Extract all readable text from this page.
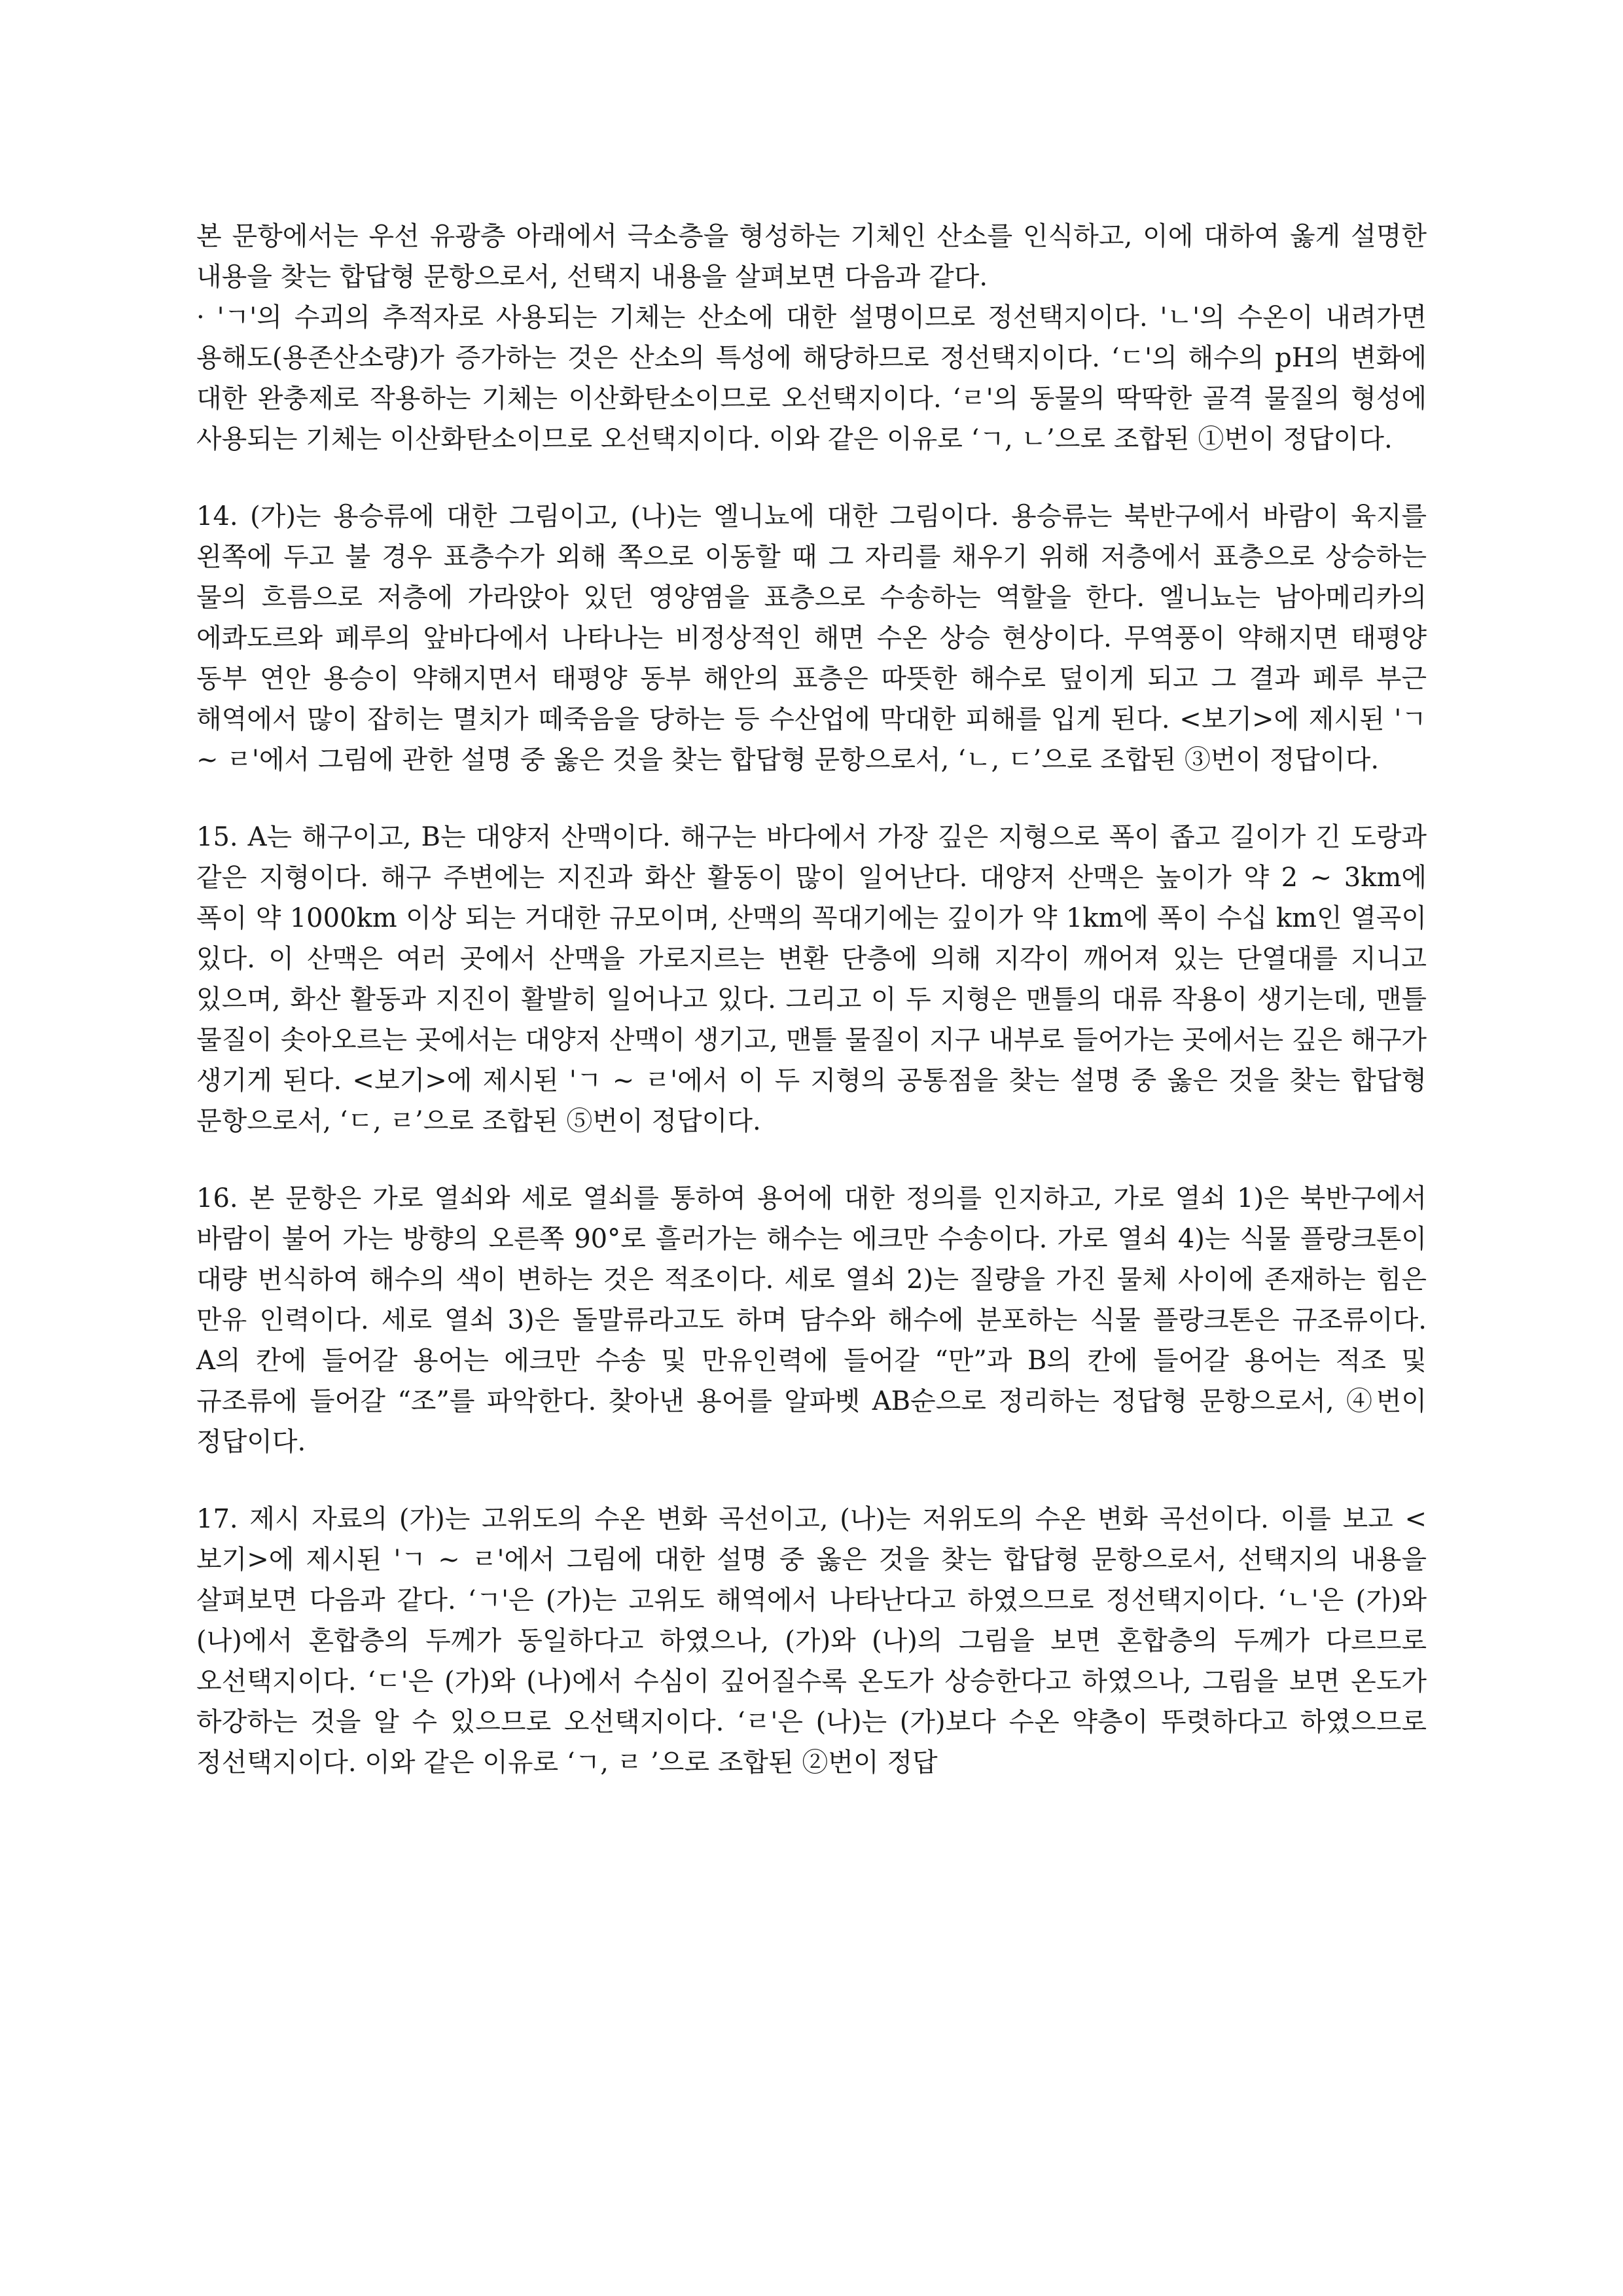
본 문항에서는 우선 유광층 아래에서 극소층을 형성하는 기체인 산소를 인식하고, 이에 대하여 옳게 설명한 내용을 찾는 합답형 문항으로서, 선택지 내용을 살펴보면 다음과 같다.

· 'ㄱ'의 수괴의 추적자로 사용되는 기체는 산소에 대한 설명이므로 정선택지이다. 'ㄴ'의 수온이 내려가면 용해도(용존산소량)가 증가하는 것은 산소의 특성에 해당하므로 정선택지이다. ‘ㄷ'의 해수의 pH의 변화에 대한 완충제로 작용하는 기체는 이산화탄소이므로 오선택지이다. ‘ㄹ'의 동물의 딱딱한 골격 물질의 형성에 사용되는 기체는 이산화탄소이므로 오선택지이다. 이와 같은 이유로 ‘ㄱ, ㄴ’으로 조합된 ①번이 정답이다.

14. (가)는 용승류에 대한 그림이고, (나)는 엘니뇨에 대한 그림이다. 용승류는 북반구에서 바람이 육지를 왼쪽에 두고 불 경우 표층수가 외해 쪽으로 이동할 때 그 자리를 채우기 위해 저층에서 표층으로 상승하는 물의 흐름으로 저층에 가라앉아 있던 영양염을 표층으로 수송하는 역할을 한다. 엘니뇨는 남아메리카의 에콰도르와 페루의 앞바다에서 나타나는 비정상적인 해면 수온 상승 현상이다. 무역풍이 약해지면 태평양 동부 연안 용승이 약해지면서 태평양 동부 해안의 표층은 따뜻한 해수로 덮이게 되고 그 결과 페루 부근 해역에서 많이 잡히는 멸치가 떼죽음을 당하는 등 수산업에 막대한 피해를 입게 된다. <보기>에 제시된 'ㄱ ~ ㄹ'에서 그림에 관한 설명 중 옳은 것을 찾는 합답형 문항으로서, ‘ㄴ, ㄷ’으로 조합된 ③번이 정답이다.

15. A는 해구이고, B는 대양저 산맥이다. 해구는 바다에서 가장 깊은 지형으로 폭이 좁고 길이가 긴 도랑과 같은 지형이다. 해구 주변에는 지진과 화산 활동이 많이 일어난다. 대양저 산맥은 높이가 약 2 ~ 3km에 폭이 약 1000km 이상 되는 거대한 규모이며, 산맥의 꼭대기에는 깊이가 약 1km에 폭이 수십 km인 열곡이 있다. 이 산맥은 여러 곳에서 산맥을 가로지르는 변환 단층에 의해 지각이 깨어져 있는 단열대를 지니고 있으며, 화산 활동과 지진이 활발히 일어나고 있다. 그리고 이 두 지형은 맨틀의 대류 작용이 생기는데, 맨틀 물질이 솟아오르는 곳에서는 대양저 산맥이 생기고, 맨틀 물질이 지구 내부로 들어가는 곳에서는 깊은 해구가 생기게 된다. <보기>에 제시된 'ㄱ ~ ㄹ'에서 이 두 지형의 공통점을 찾는 설명 중 옳은 것을 찾는 합답형 문항으로서, ‘ㄷ, ㄹ’으로 조합된 ⑤번이 정답이다.

16. 본 문항은 가로 열쇠와 세로 열쇠를 통하여 용어에 대한 정의를 인지하고, 가로 열쇠 1)은 북반구에서 바람이 불어 가는 방향의 오른쪽 90°로 흘러가는 해수는 에크만 수송이다. 가로 열쇠 4)는 식물 플랑크톤이 대량 번식하여 해수의 색이 변하는 것은 적조이다. 세로 열쇠 2)는 질량을 가진 물체 사이에 존재하는 힘은 만유 인력이다. 세로 열쇠 3)은 돌말류라고도 하며 담수와 해수에 분포하는 식물 플랑크톤은 규조류이다. A의 칸에 들어갈 용어는 에크만 수송 및 만유인력에 들어갈 “만”과 B의 칸에 들어갈 용어는 적조 및 규조류에 들어갈 “조”를 파악한다. 찾아낸 용어를 알파벳 AB순으로 정리하는 정답형 문항으로서, ④번이 정답이다.

17. 제시 자료의 (가)는 고위도의 수온 변화 곡선이고, (나)는 저위도의 수온 변화 곡선이다. 이를 보고 <보기>에 제시된 'ㄱ ~ ㄹ'에서 그림에 대한 설명 중 옳은 것을 찾는 합답형 문항으로서, 선택지의 내용을 살펴보면 다음과 같다. ‘ㄱ'은 (가)는 고위도 해역에서 나타난다고 하였으므로 정선택지이다. ‘ㄴ'은 (가)와 (나)에서 혼합층의 두께가 동일하다고 하였으나, (가)와 (나)의 그림을 보면 혼합층의 두께가 다르므로 오선택지이다. ‘ㄷ'은 (가)와 (나)에서 수심이 깊어질수록 온도가 상승한다고 하였으나, 그림을 보면 온도가 하강하는 것을 알 수 있으므로 오선택지이다. ‘ㄹ'은 (나)는 (가)보다 수온 약층이 뚜렷하다고 하였으므로 정선택지이다. 이와 같은 이유로 ‘ㄱ, ㄹ ’으로 조합된 ②번이 정답
